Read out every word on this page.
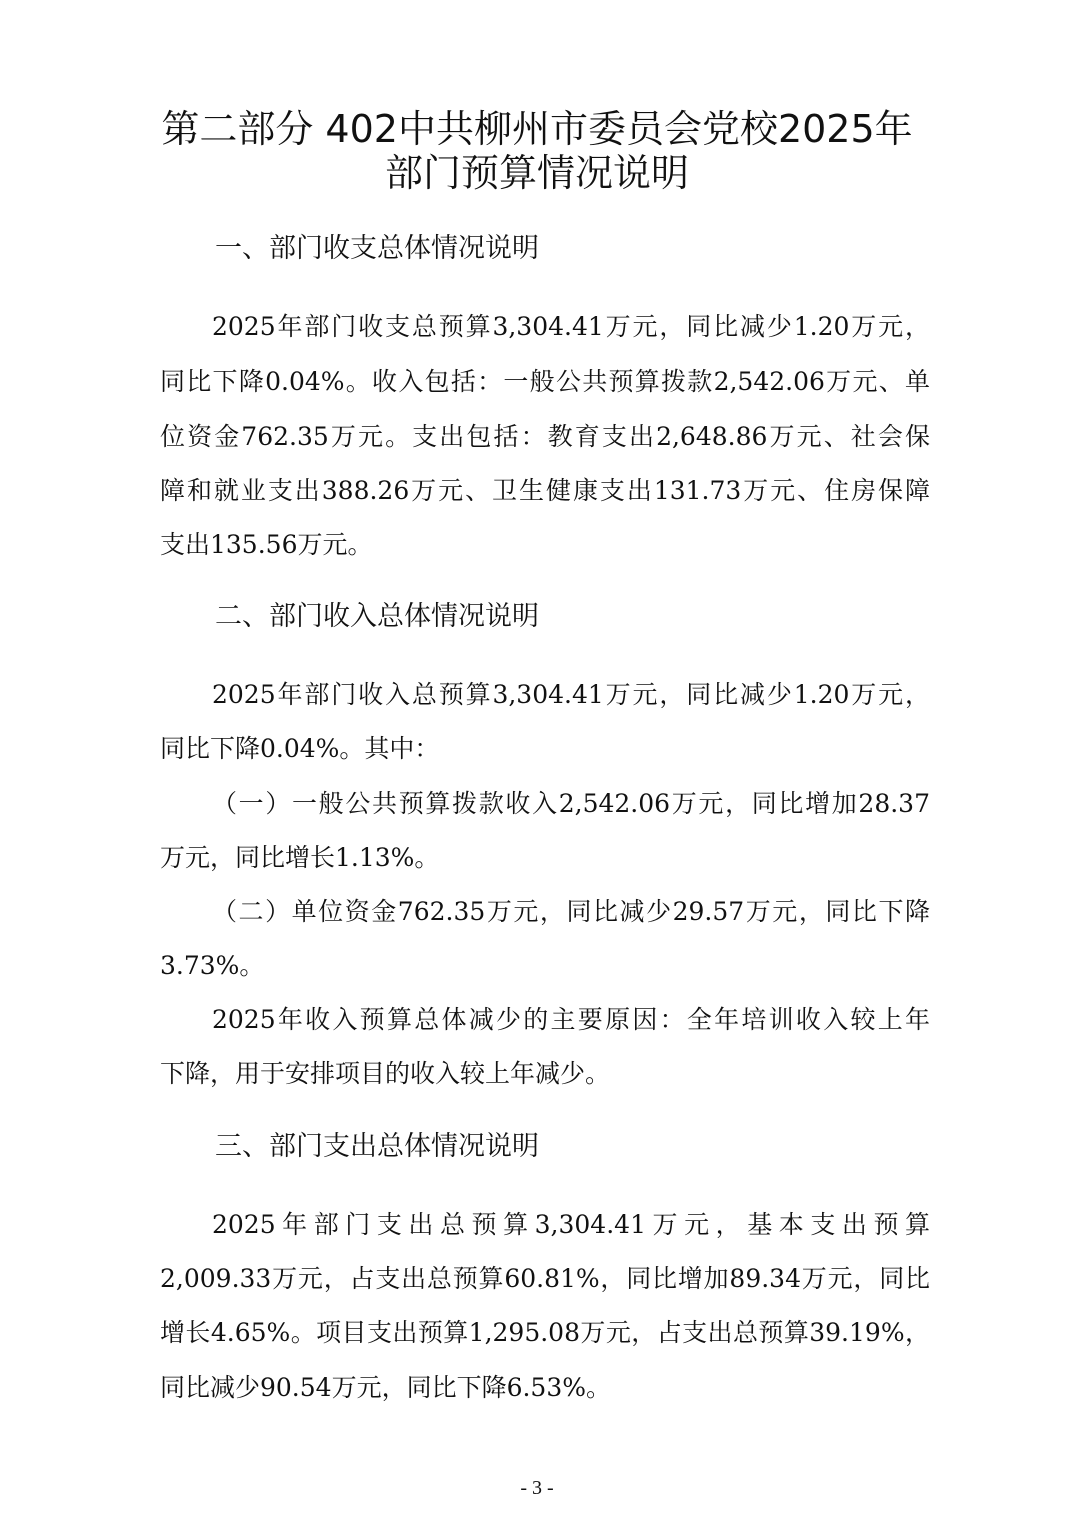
第二部分 402中共柳州市委员会党校2025年
部门预算情况说明
一、部门收支总体情况说明
2025年部门收支总预算3,304.41万元，同比减少1.20万元，
同比下降0.04%。收入包括：一般公共预算拨款2,542.06万元、单
位资金762.35万元。支出包括：教育支出2,648.86万元、社会保
障和就业支出388.26万元、卫生健康支出131.73万元、住房保障
支出135.56万元。
二、部门收入总体情况说明
2025年部门收入总预算3,304.41万元，同比减少1.20万元，
同比下降0.04%。其中：
（一）一般公共预算拨款收入2,542.06万元，同比增加28.37
万元，同比增长1.13%。
（二）单位资金762.35万元，同比减少29.57万元，同比下降
3.73%。
2025年收入预算总体减少的主要原因：全年培训收入较上年
下降，用于安排项目的收入较上年减少。
三、部门支出总体情况说明
2025年部门支出总预算3,304.41万元，基本支出预算
2,009.33万元，占支出总预算60.81%，同比增加89.34万元，同比
增长4.65%。项目支出预算1,295.08万元，占支出总预算39.19%，
同比减少90.54万元，同比下降6.53%。
- 3 -
